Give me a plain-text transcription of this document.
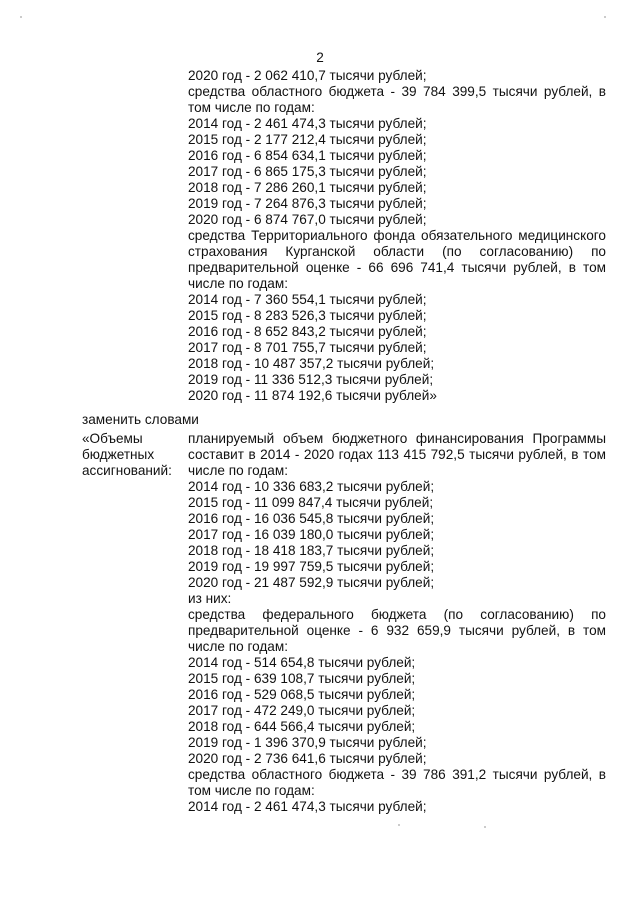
2
2020 год - 2 062 410,7 тысячи рублей;
средства областного бюджета - 39 784 399,5 тысячи рублей, в том числе по годам:
2014 год - 2 461 474,3 тысячи рублей;
2015 год - 2 177 212,4 тысячи рублей;
2016 год - 6 854 634,1 тысячи рублей;
2017 год - 6 865 175,3 тысячи рублей;
2018 год - 7 286 260,1 тысячи рублей;
2019 год - 7 264 876,3 тысячи рублей;
2020 год - 6 874 767,0 тысячи рублей;
средства Территориального фонда обязательного медицинского страхования Курганской области (по согласованию) по предварительной оценке - 66 696 741,4 тысячи рублей, в том числе по годам:
2014 год - 7 360 554,1 тысячи рублей;
2015 год - 8 283 526,3 тысячи рублей;
2016 год - 8 652 843,2 тысячи рублей;
2017 год - 8 701 755,7 тысячи рублей;
2018 год - 10 487 357,2 тысячи рублей;
2019 год - 11 336 512,3 тысячи рублей;
2020 год - 11 874 192,6 тысячи рублей»
заменить словами
«Объемы
бюджетных
ассигнований:
планируемый объем бюджетного финансирования Программы составит в 2014 - 2020 годах 113 415 792,5 тысячи рублей, в том числе по годам:
2014 год - 10 336 683,2 тысячи рублей;
2015 год - 11 099 847,4 тысячи рублей;
2016 год - 16 036 545,8 тысячи рублей;
2017 год - 16 039 180,0 тысячи рублей;
2018 год - 18 418 183,7 тысячи рублей;
2019 год - 19 997 759,5 тысячи рублей;
2020 год - 21 487 592,9 тысячи рублей;
из них:
средства федерального бюджета (по согласованию) по предварительной оценке - 6 932 659,9 тысячи рублей, в том числе по годам:
2014 год - 514 654,8 тысячи рублей;
2015 год - 639 108,7 тысячи рублей;
2016 год - 529 068,5 тысячи рублей;
2017 год - 472 249,0 тысячи рублей;
2018 год - 644 566,4 тысячи рублей;
2019 год - 1 396 370,9 тысячи рублей;
2020 год - 2 736 641,6 тысячи рублей;
средства областного бюджета - 39 786 391,2 тысячи рублей, в том числе по годам:
2014 год - 2 461 474,3 тысячи рублей;
